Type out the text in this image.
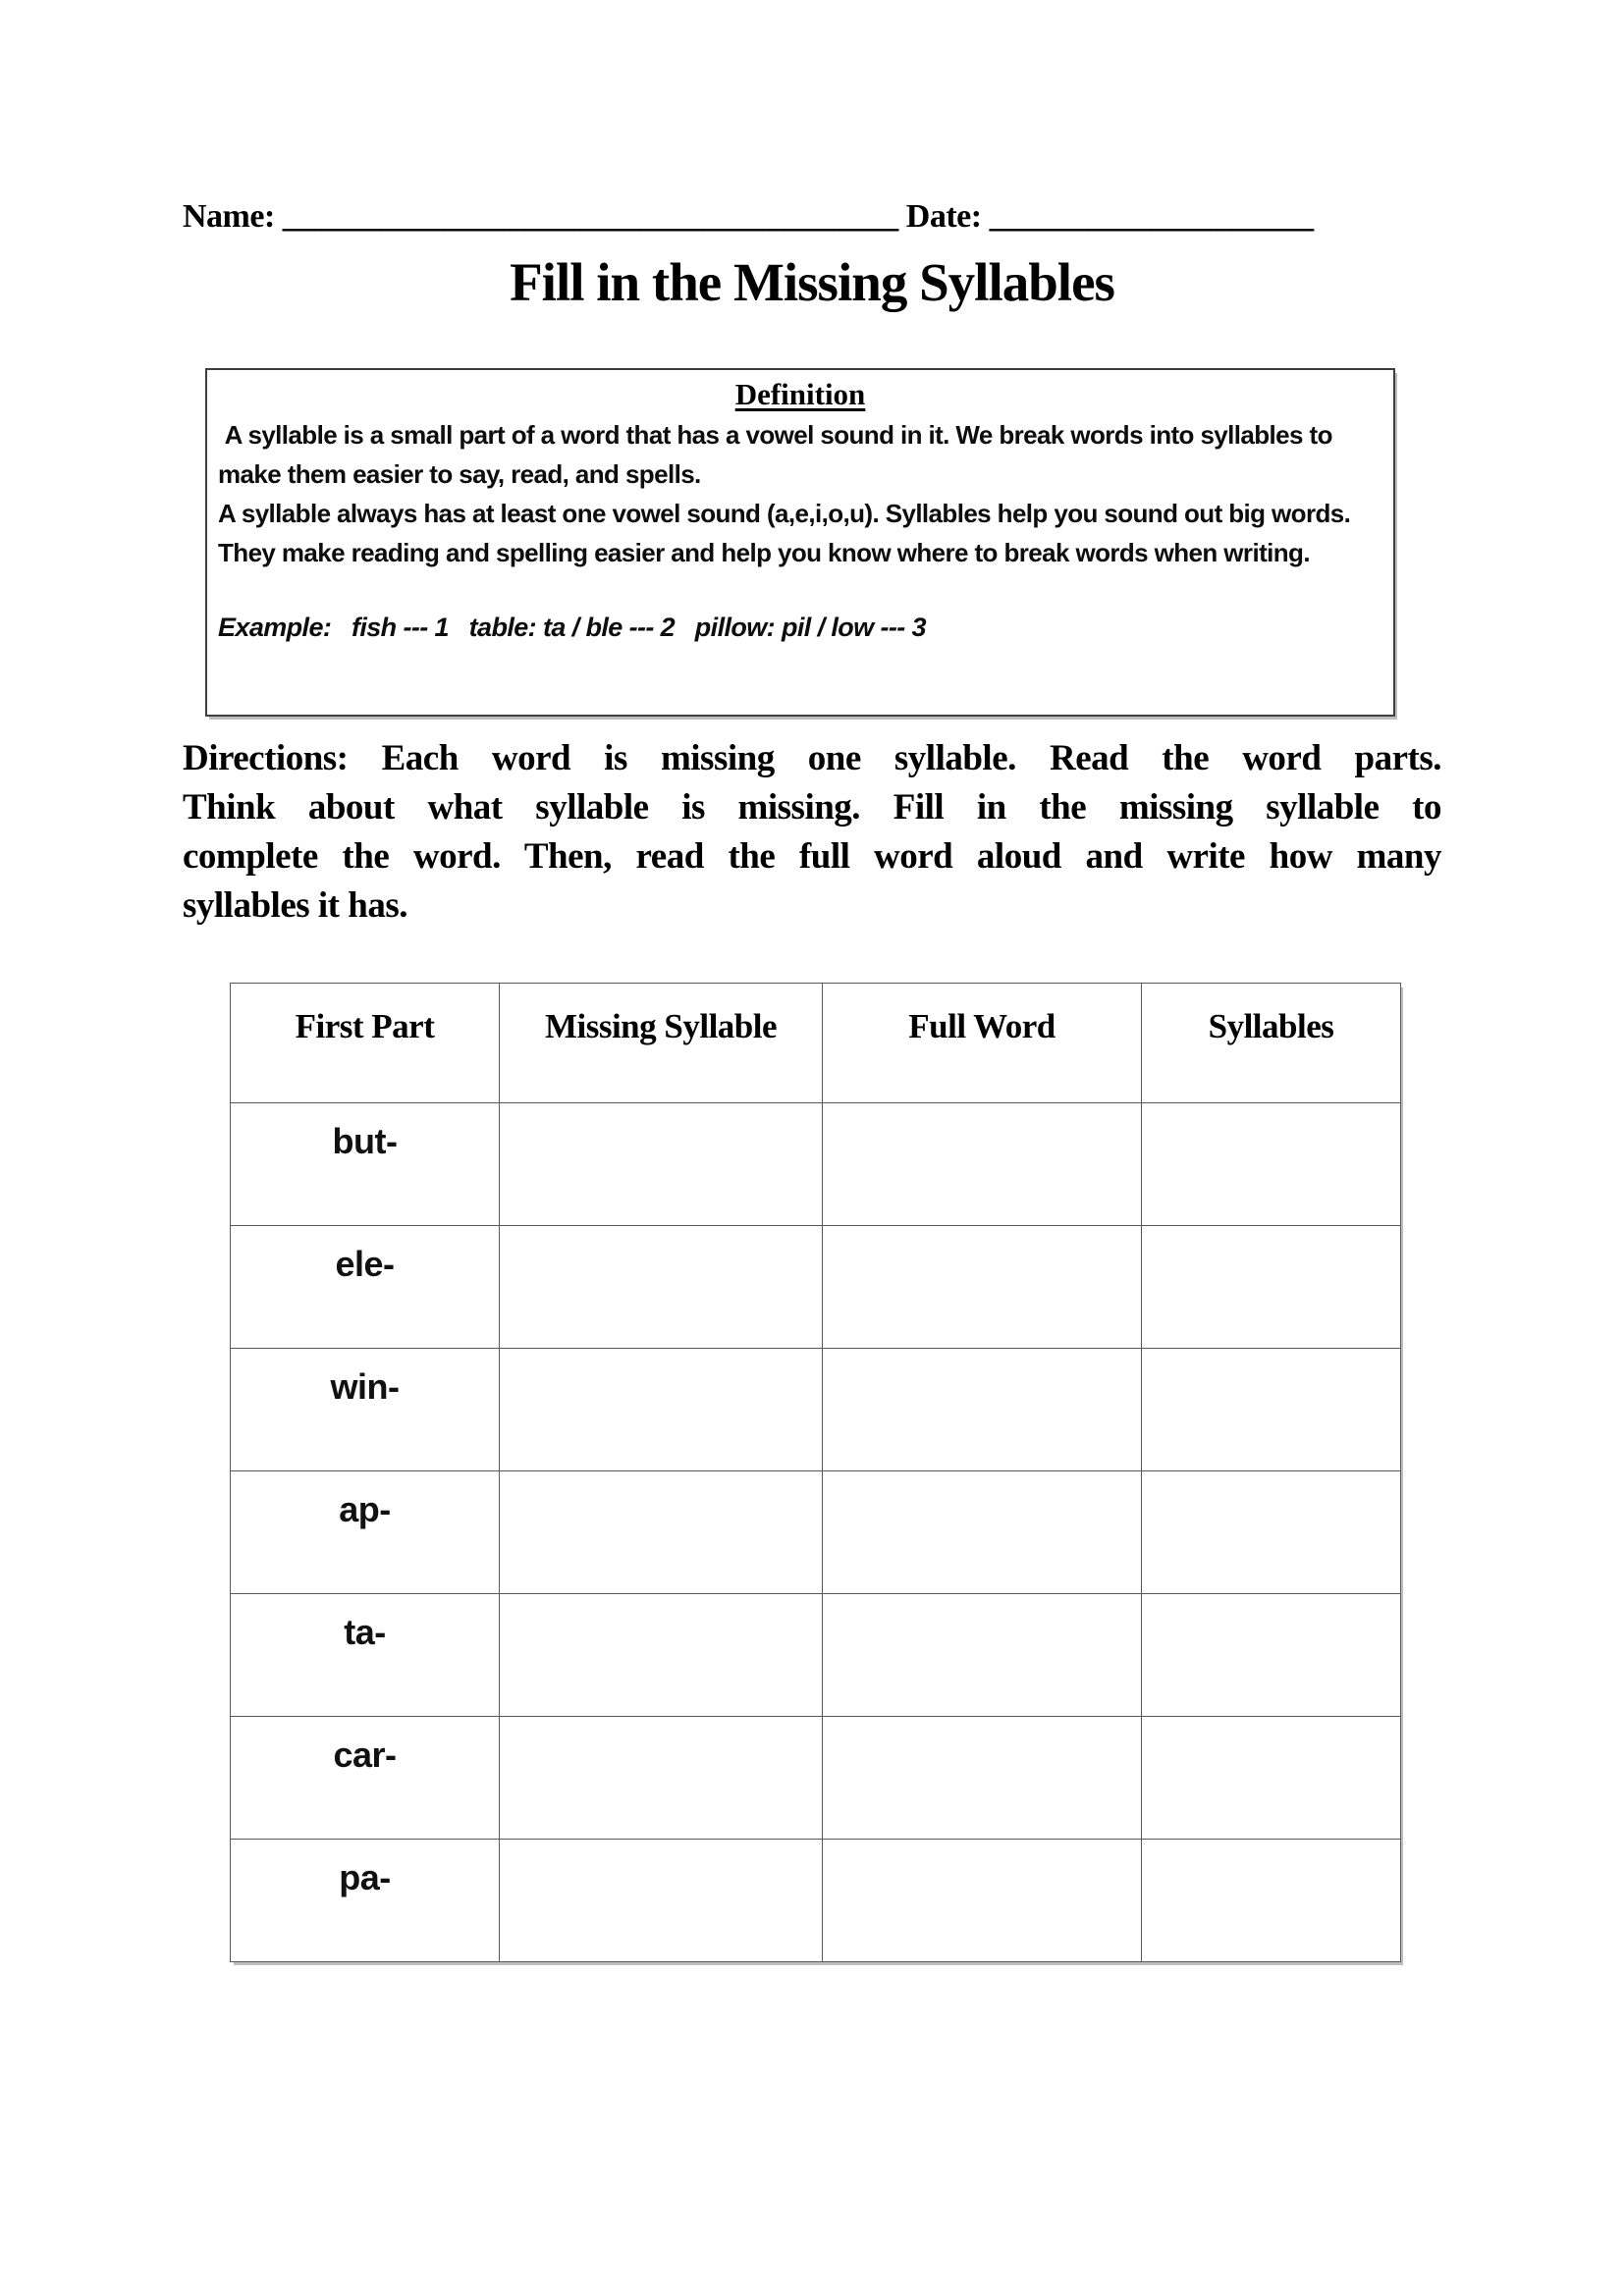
Name: ______________________________________ Date: ____________________
Fill in the Missing Syllables
Definition
A syllable is a small part of a word that has a vowel sound in it. We break words into syllables to make them easier to say, read, and spells.
A syllable always has at least one vowel sound (a,e,i,o,u). Syllables help you sound out big words. They make reading and spelling easier and help you know where to break words when writing.
Example:   fish --- 1   table: ta / ble --- 2   pillow: pil / low --- 3
Directions: Each word is missing one syllable. Read the word parts.
Think about what syllable is missing. Fill in the missing syllable to
complete the word. Then, read the full word aloud and write how many
syllables it has.
First Part	Missing Syllable	Full Word	Syllables
but-			
ele-			
win-			
ap-			
ta-			
car-			
pa-			
